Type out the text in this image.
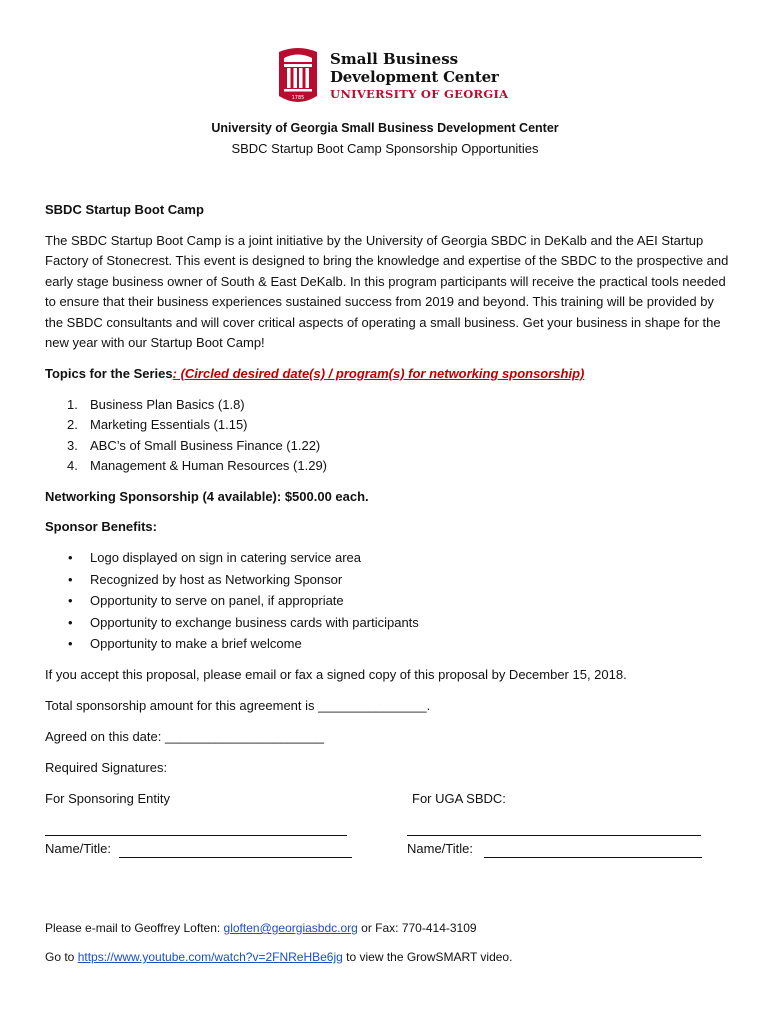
1785
Small Business
Development Center
UNIVERSITY OF GEORGIA
University of Georgia Small Business Development Center
SBDC Startup Boot Camp Sponsorship Opportunities
SBDC Startup Boot Camp
The SBDC Startup Boot Camp is a joint initiative by the University of Georgia SBDC in DeKalb and the AEI Startup Factory of Stonecrest. This event is designed to bring the knowledge and expertise of the SBDC to the prospective and early stage business owner of South & East DeKalb. In this program participants will receive the practical tools needed to ensure that their business experiences sustained success from 2019 and beyond. This training will be provided by the SBDC consultants and will cover critical aspects of operating a small business. Get your business in shape for the new year with our Startup Boot Camp!
Topics for the Series: (Circled desired date(s) / program(s) for networking sponsorship)
1. Business Plan Basics (1.8)
2. Marketing Essentials (1.15)
3. ABC’s of Small Business Finance (1.22)
4. Management & Human Resources (1.29)
Networking Sponsorship (4 available): $500.00 each.
Sponsor Benefits:
• Logo displayed on sign in catering service area
• Recognized by host as Networking Sponsor
• Opportunity to serve on panel, if appropriate
• Opportunity to exchange business cards with participants
• Opportunity to make a brief welcome
If you accept this proposal, please email or fax a signed copy of this proposal by December 15, 2018.
Total sponsorship amount for this agreement is _______________.
Agreed on this date: ______________________
Required Signatures:
For Sponsoring Entity	For UGA SBDC:
Name/Title:	Name/Title:
Please e-mail to Geoffrey Loften: gloften@georgiasbdc.org or Fax: 770-414-3109
Go to https://www.youtube.com/watch?v=2FNReHBe6jg to view the GrowSMART video.
